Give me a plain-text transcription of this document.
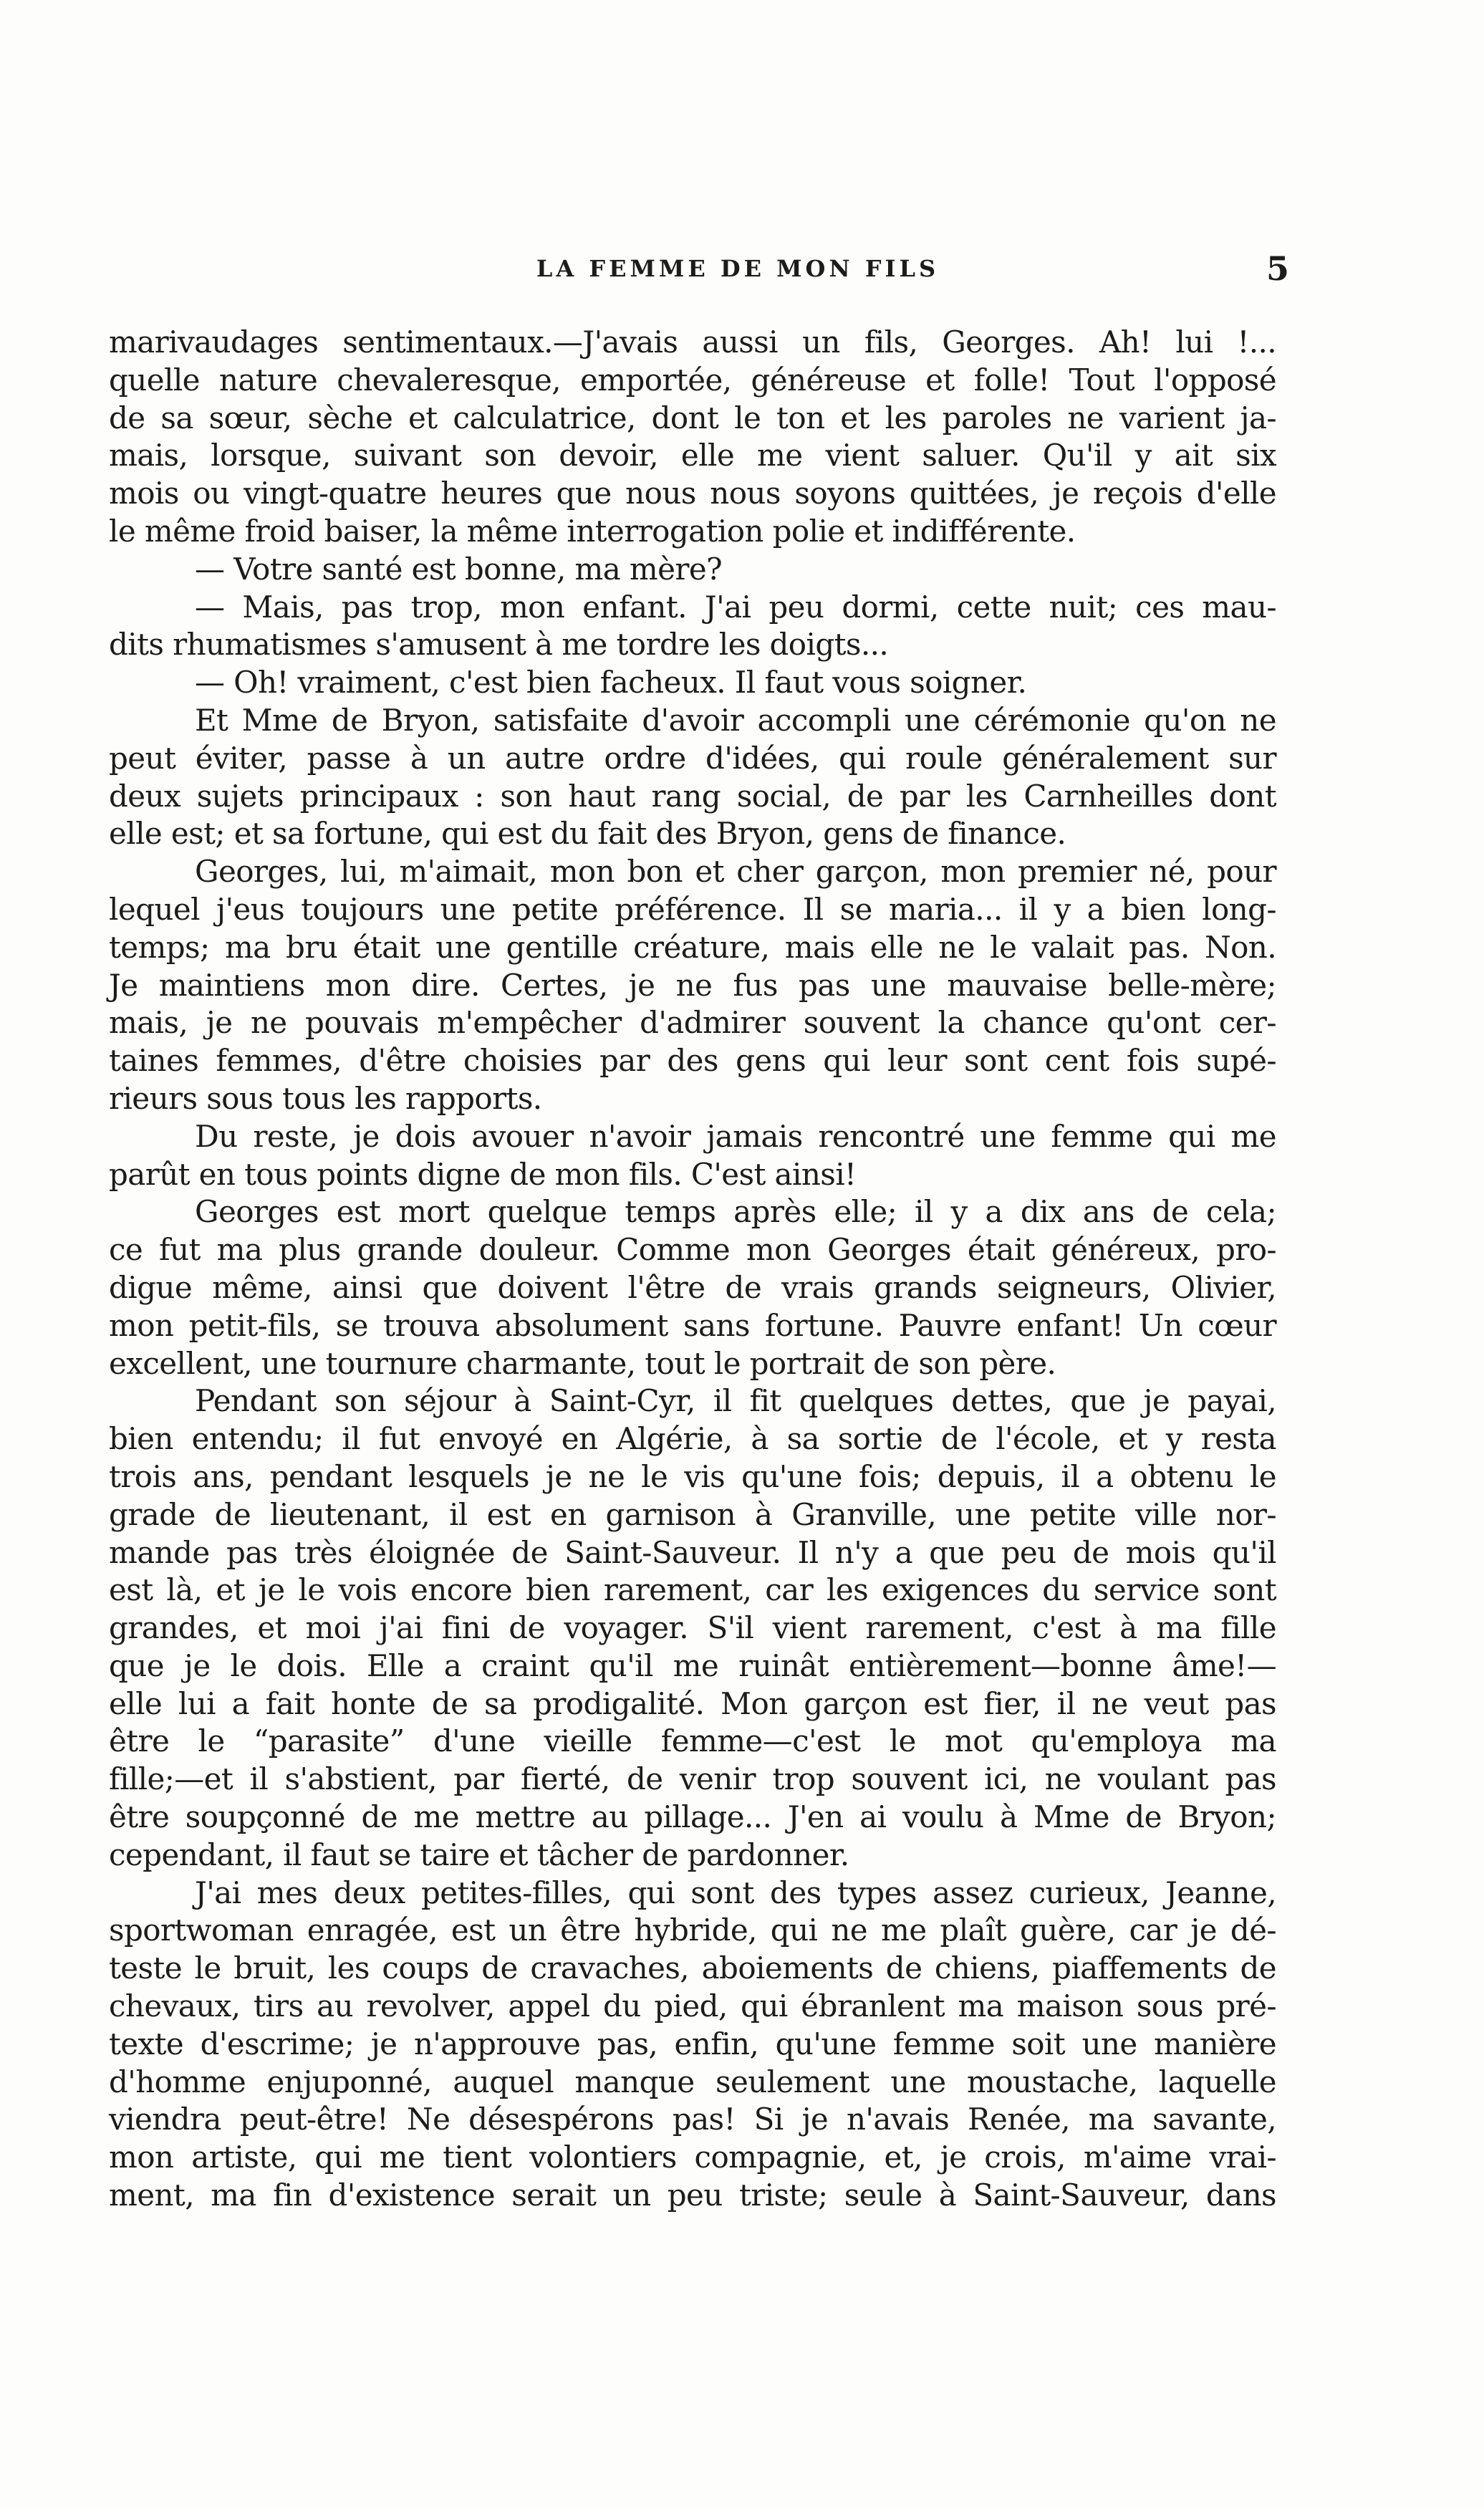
LA FEMME DE MON FILS	5
marivaudages sentimentaux.—J'avais aussi un fils, Georges. Ah! lui !...
quelle nature chevaleresque, emportée, généreuse et folle! Tout l'opposé
de sa sœur, sèche et calculatrice, dont le ton et les paroles ne varient ja-
mais, lorsque, suivant son devoir, elle me vient saluer. Qu'il y ait six
mois ou vingt-quatre heures que nous nous soyons quittées, je reçois d'elle
le même froid baiser, la même interrogation polie et indifférente.
— Votre santé est bonne, ma mère?
— Mais, pas trop, mon enfant. J'ai peu dormi, cette nuit; ces mau-
dits rhumatismes s'amusent à me tordre les doigts...
— Oh! vraiment, c'est bien facheux. Il faut vous soigner.
Et Mme de Bryon, satisfaite d'avoir accompli une cérémonie qu'on ne
peut éviter, passe à un autre ordre d'idées, qui roule généralement sur
deux sujets principaux : son haut rang social, de par les Carnheilles dont
elle est; et sa fortune, qui est du fait des Bryon, gens de finance.
Georges, lui, m'aimait, mon bon et cher garçon, mon premier né, pour
lequel j'eus toujours une petite préférence. Il se maria... il y a bien long-
temps; ma bru était une gentille créature, mais elle ne le valait pas. Non.
Je maintiens mon dire. Certes, je ne fus pas une mauvaise belle-mère;
mais, je ne pouvais m'empêcher d'admirer souvent la chance qu'ont cer-
taines femmes, d'être choisies par des gens qui leur sont cent fois supé-
rieurs sous tous les rapports.
Du reste, je dois avouer n'avoir jamais rencontré une femme qui me
parût en tous points digne de mon fils. C'est ainsi!
Georges est mort quelque temps après elle; il y a dix ans de cela;
ce fut ma plus grande douleur. Comme mon Georges était généreux, pro-
digue même, ainsi que doivent l'être de vrais grands seigneurs, Olivier,
mon petit-fils, se trouva absolument sans fortune. Pauvre enfant! Un cœur
excellent, une tournure charmante, tout le portrait de son père.
Pendant son séjour à Saint-Cyr, il fit quelques dettes, que je payai,
bien entendu; il fut envoyé en Algérie, à sa sortie de l'école, et y resta
trois ans, pendant lesquels je ne le vis qu'une fois; depuis, il a obtenu le
grade de lieutenant, il est en garnison à Granville, une petite ville nor-
mande pas très éloignée de Saint-Sauveur. Il n'y a que peu de mois qu'il
est là, et je le vois encore bien rarement, car les exigences du service sont
grandes, et moi j'ai fini de voyager. S'il vient rarement, c'est à ma fille
que je le dois. Elle a craint qu'il me ruinât entièrement—bonne âme!—
elle lui a fait honte de sa prodigalité. Mon garçon est fier, il ne veut pas
être le “parasite” d'une vieille femme—c'est le mot qu'employa ma
fille;—et il s'abstient, par fierté, de venir trop souvent ici, ne voulant pas
être soupçonné de me mettre au pillage... J'en ai voulu à Mme de Bryon;
cependant, il faut se taire et tâcher de pardonner.
J'ai mes deux petites-filles, qui sont des types assez curieux, Jeanne,
sportwoman enragée, est un être hybride, qui ne me plaît guère, car je dé-
teste le bruit, les coups de cravaches, aboiements de chiens, piaffements de
chevaux, tirs au revolver, appel du pied, qui ébranlent ma maison sous pré-
texte d'escrime; je n'approuve pas, enfin, qu'une femme soit une manière
d'homme enjuponné, auquel manque seulement une moustache, laquelle
viendra peut-être! Ne désespérons pas! Si je n'avais Renée, ma savante,
mon artiste, qui me tient volontiers compagnie, et, je crois, m'aime vrai-
ment, ma fin d'existence serait un peu triste; seule à Saint-Sauveur, dans
